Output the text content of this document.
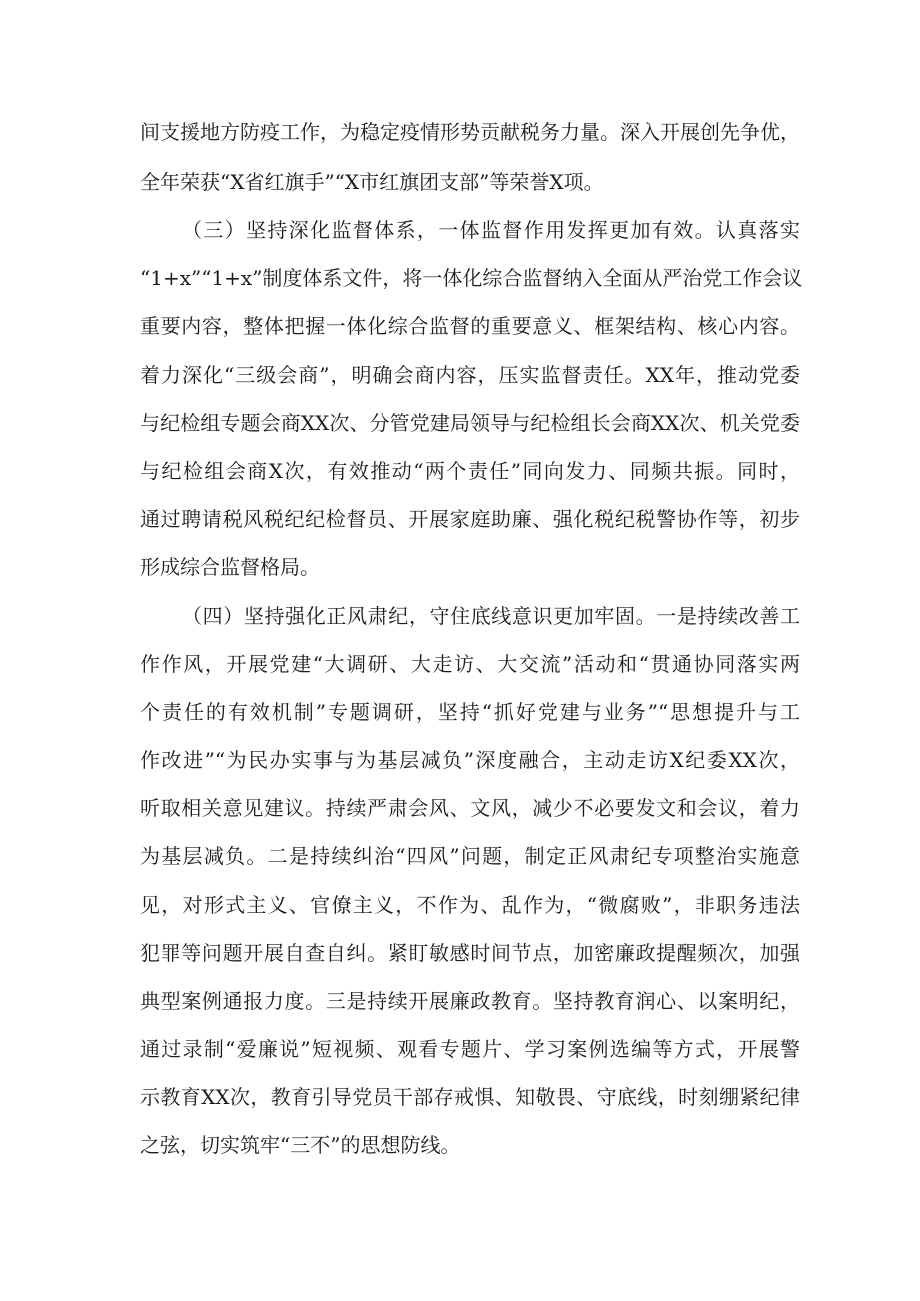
间支援地方防疫工作，为稳定疫情形势贡献税务力量。深入开展创先争优，
全年荣获“X省红旗手”“X市红旗团支部”等荣誉X项。
（三）坚持深化监督体系，一体监督作用发挥更加有效。认真落实
“1+x”“1+x”制度体系文件，将一体化综合监督纳入全面从严治党工作会议
重要内容，整体把握一体化综合监督的重要意义、框架结构、核心内容。
着力深化“三级会商”，明确会商内容，压实监督责任。XX年，推动党委
与纪检组专题会商XX次、分管党建局领导与纪检组长会商XX次、机关党委
与纪检组会商X次，有效推动“两个责任”同向发力、同频共振。同时，
通过聘请税风税纪纪检督员、开展家庭助廉、强化税纪税警协作等，初步
形成综合监督格局。
（四）坚持强化正风肃纪，守住底线意识更加牢固。一是持续改善工
作作风，开展党建“大调研、大走访、大交流”活动和“贯通协同落实两
个责任的有效机制”专题调研，坚持“抓好党建与业务”“思想提升与工
作改进”“为民办实事与为基层减负”深度融合，主动走访X纪委XX次，
听取相关意见建议。持续严肃会风、文风，减少不必要发文和会议，着力
为基层减负。二是持续纠治“四风”问题，制定正风肃纪专项整治实施意
见，对形式主义、官僚主义，不作为、乱作为，“微腐败”，非职务违法
犯罪等问题开展自查自纠。紧盯敏感时间节点，加密廉政提醒频次，加强
典型案例通报力度。三是持续开展廉政教育。坚持教育润心、以案明纪，
通过录制“爱廉说”短视频、观看专题片、学习案例选编等方式，开展警
示教育XX次，教育引导党员干部存戒惧、知敬畏、守底线，时刻绷紧纪律
之弦，切实筑牢“三不”的思想防线。
